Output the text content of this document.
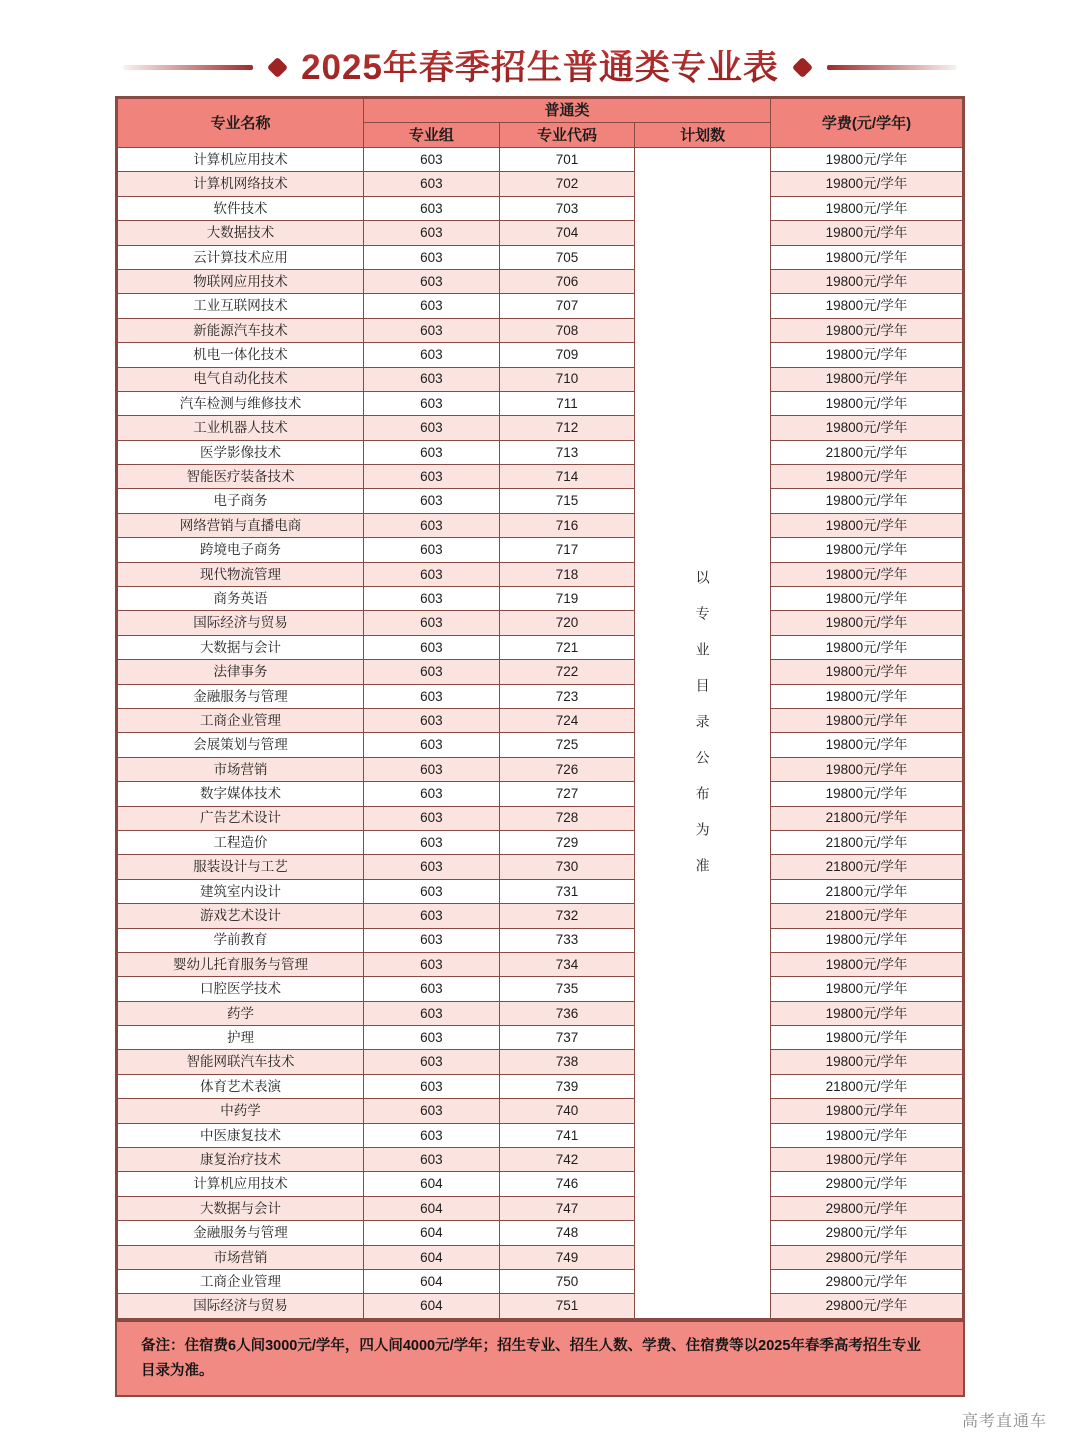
2025年春季招生普通类专业表
专业名称	普通类			学费(元/学年)
	专业组	专业代码	计划数	
计算机应用技术	603	701	以专业目录公布为准	19800元/学年
计算机网络技术	603	702		19800元/学年
软件技术	603	703		19800元/学年
大数据技术	603	704		19800元/学年
云计算技术应用	603	705		19800元/学年
物联网应用技术	603	706		19800元/学年
工业互联网技术	603	707		19800元/学年
新能源汽车技术	603	708		19800元/学年
机电一体化技术	603	709		19800元/学年
电气自动化技术	603	710		19800元/学年
汽车检测与维修技术	603	711		19800元/学年
工业机器人技术	603	712		19800元/学年
医学影像技术	603	713		21800元/学年
智能医疗装备技术	603	714		19800元/学年
电子商务	603	715		19800元/学年
网络营销与直播电商	603	716		19800元/学年
跨境电子商务	603	717		19800元/学年
现代物流管理	603	718		19800元/学年
商务英语	603	719		19800元/学年
国际经济与贸易	603	720		19800元/学年
大数据与会计	603	721		19800元/学年
法律事务	603	722		19800元/学年
金融服务与管理	603	723		19800元/学年
工商企业管理	603	724		19800元/学年
会展策划与管理	603	725		19800元/学年
市场营销	603	726		19800元/学年
数字媒体技术	603	727		19800元/学年
广告艺术设计	603	728		21800元/学年
工程造价	603	729		21800元/学年
服装设计与工艺	603	730		21800元/学年
建筑室内设计	603	731		21800元/学年
游戏艺术设计	603	732		21800元/学年
学前教育	603	733		19800元/学年
婴幼儿托育服务与管理	603	734		19800元/学年
口腔医学技术	603	735		19800元/学年
药学	603	736		19800元/学年
护理	603	737		19800元/学年
智能网联汽车技术	603	738		19800元/学年
体育艺术表演	603	739		21800元/学年
中药学	603	740		19800元/学年
中医康复技术	603	741		19800元/学年
康复治疗技术	603	742		19800元/学年
计算机应用技术	604	746		29800元/学年
大数据与会计	604	747		29800元/学年
金融服务与管理	604	748		29800元/学年
市场营销	604	749		29800元/学年
工商企业管理	604	750		29800元/学年
国际经济与贸易	604	751		29800元/学年

备注：住宿费6人间3000元/学年，四人间4000元/学年；招生专业、招生人数、学费、住宿费等以2025年春季高考招生专业

目录为准。

高考直通车
